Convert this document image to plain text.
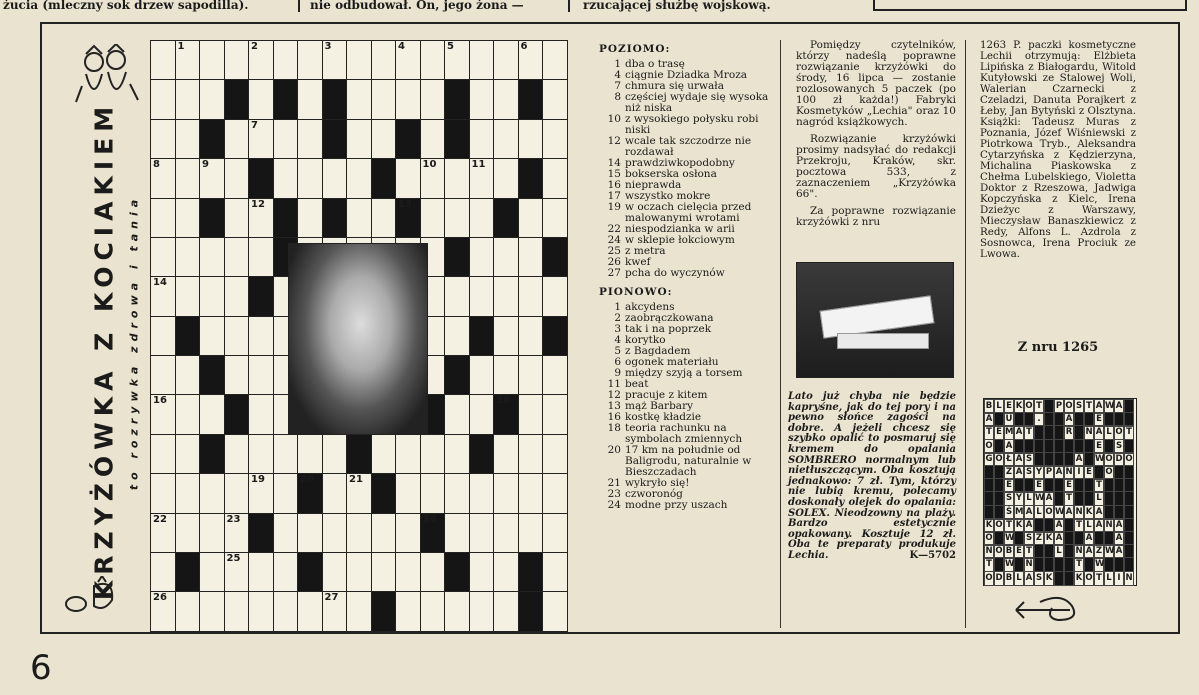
żucia (mleczny sok drzew sapodilla).	nie odbudował. On, jego żona —	rzucającej służbę wojskową.
KRZYŻÓWKA Z KOCIAKIEM to rozrywka zdrowa i tania
1	2	3	4	5	6
7
8	9	10	11
12	13
14
16	18
19	20	21
22	23	24
25
26	27
POZIOMO:
1 dba o trasę
4 ciągnie Dziadka Mroza
7 chmura się urwała
8 częściej wydaje się wysoka niż niska
10 z wysokiego połysku robi niski
12 wcale tak szczodrze nie rozdawał
14 prawdziwkopodobny
15 bokserska osłona
16 nieprawda
17 wszystko mokre
19 w oczach cielęcia przed malowanymi wrotami
22 niespodzianka w arii
24 w sklepie łokciowym
25 z metra
26 kwef
27 pcha do wyczynów
PIONOWO:
1 akcydens
2 zaobrączkowana
3 tak i na poprzek
4 korytko
5 z Bagdadem
6 ogonek materiału
9 między szyją a torsem
11 beat
12 pracuje z kitem
13 mąż Barbary
16 kostkę kładzie
18 teoria rachunku na symbolach zmiennych
20 17 km na południe od Baligrodu, naturalnie w Bieszczadach
21 wykryło się!
23 czworonóg
24 modne przy uszach

Pomiędzy czytelników, którzy nadeślą poprawne rozwiązanie krzyżówki do środy, 16 lipca — zostanie rozlosowanych 5 paczek (po 100 zł każda!) Fabryki Kosmetyków „Lechia" oraz 10 nagród książkowych.

Rozwiązanie krzyżówki prosimy nadsyłać do redakcji Przekroju, Kraków, skr. pocztowa 533, z zaznaczeniem „Krzyżówka 66".

Za poprawne rozwiązanie krzyżówki z nru

Lato już chyba nie będzie kapryśne, jak do tej pory i na pewno słońce zagości na dobre. A jeżeli chcesz się szybko opalić to posmaruj się kremem do opalania SOMBRERO normalnym lub nietłuszczącym. Oba kosztują jednakowo: 7 zł. Tym, którzy nie lubią kremu, polecamy doskonały olejek do opalania: SOLEX. Nieodzowny na plaży. Bardzo estetycznie opakowany. Kosztuje 12 zł. Oba te preparaty produkuje Lechia.	K—5702
1263 P. paczki kosmetyczne Lechii otrzymują: Elżbieta Lipińska z Białogardu, Witold Kutyłowski ze Stalowej Woli, Walerian Czarnecki z Czeladzi, Danuta Porajkert z Łeby, Jan Bytyński z Olsztyna. Książki: Tadeusz Muras z Poznania, Józef Wiśniewski z Piotrkowa Tryb., Aleksandra Cytarzyńska z Kędzierzyna, Michalina Piaskowska z Chełma Lubelskiego, Violetta Doktor z Rzeszowa, Jadwiga Kopczyńska z Kielc, Irena Dzieżyc z Warszawy, Mieczysław Banaszkiewicz z Redy, Alfons L. Azdrola z Sosnowca, Irena Prociuk ze Lwowa.
Z nru 1265
B L E K O T P O S T A W A
A U	.	A	E
T E M A T	R N A L O T
O A	E S
G O Ł A S	A W O D O
Z A S Y P A N I E O
E	E	E	T
S Y L W A T	L
Ś M A L O W A N K A
K O T K A	A T L A N A
O W S Z K A	A	A
N O B E T	L N A Z W A
T W N	T W
O D B L A S K	K O T L I N
6
